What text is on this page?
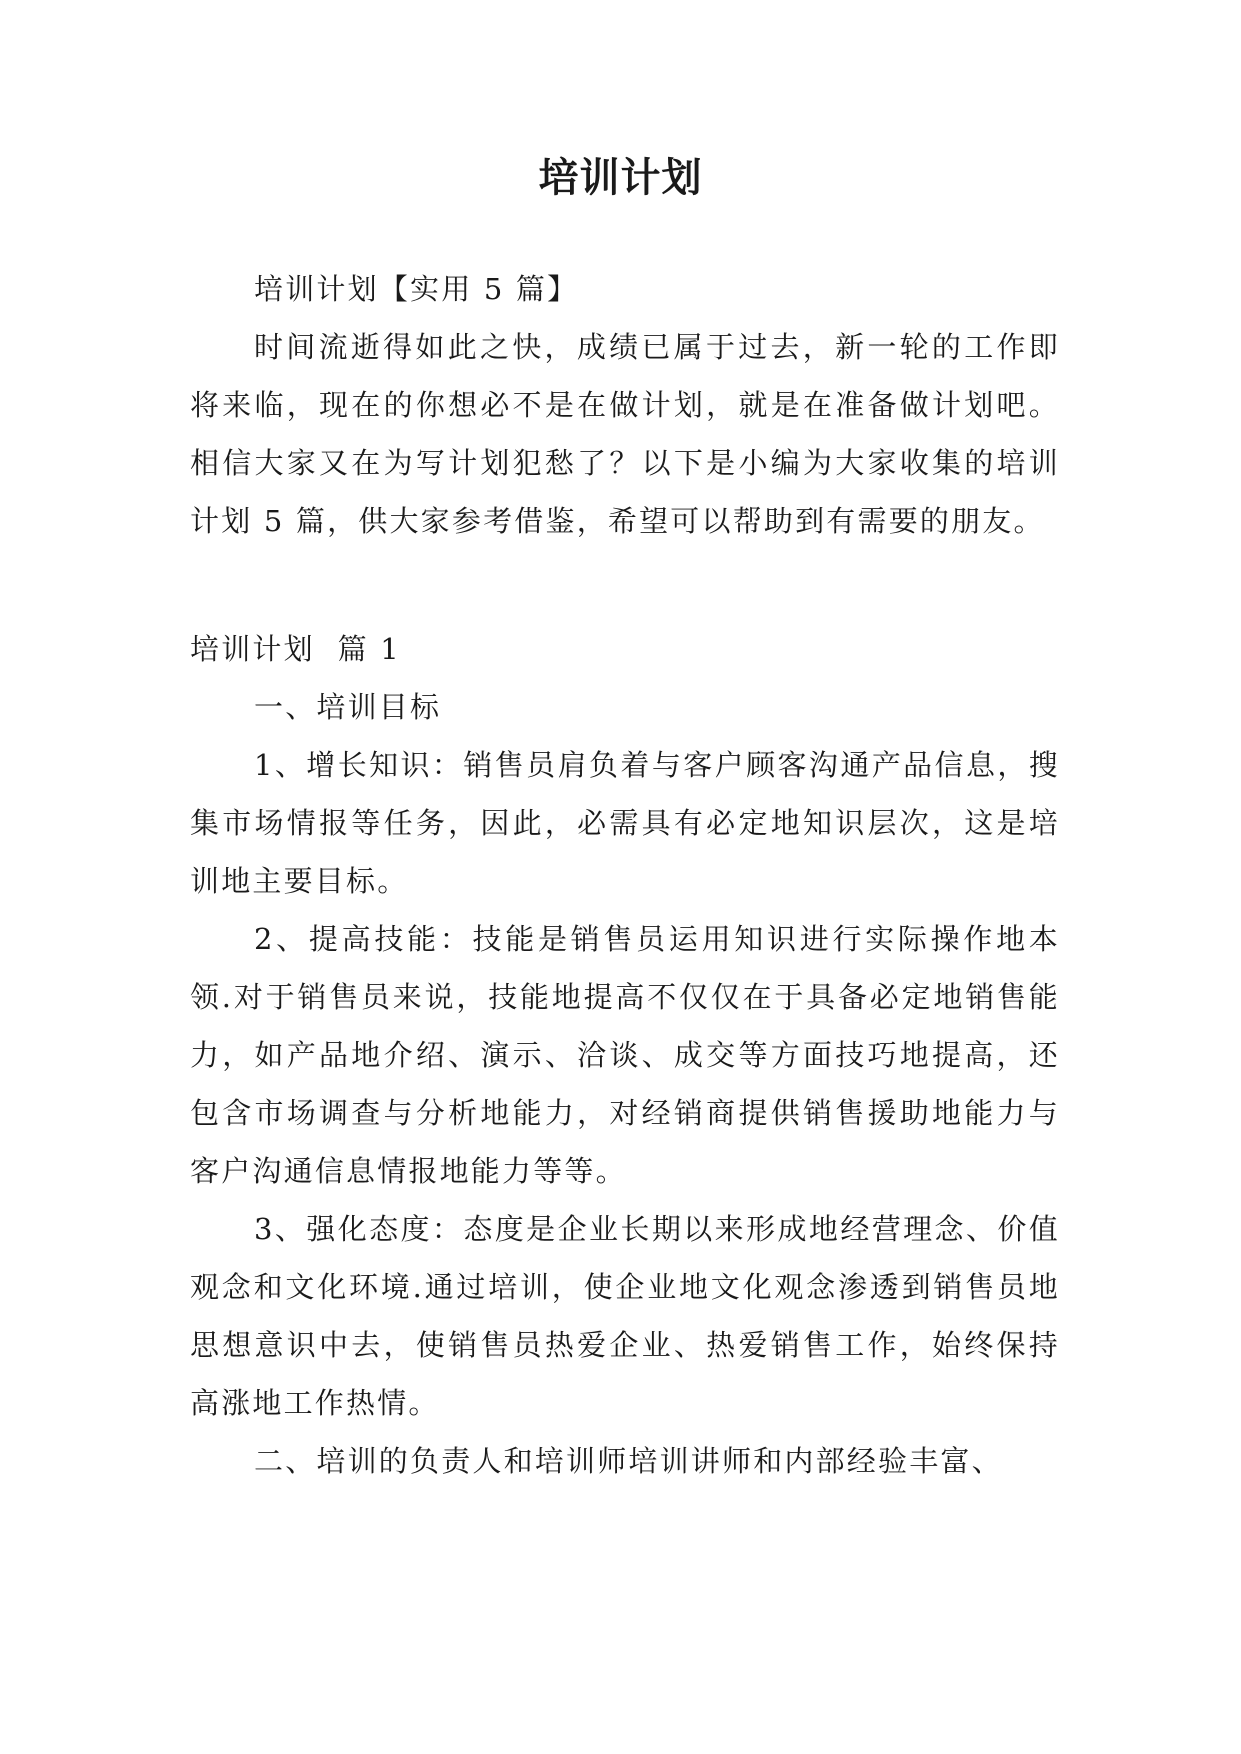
培训计划

培训计划【实用 5 篇】

时间流逝得如此之快，成绩已属于过去，新一轮的工作即将来临，现在的你想必不是在做计划，就是在准备做计划吧。相信大家又在为写计划犯愁了？以下是小编为大家收集的培训计划 5 篇，供大家参考借鉴，希望可以帮助到有需要的朋友。

培训计划  篇 1

一、培训目标

1、增长知识：销售员肩负着与客户顾客沟通产品信息，搜集市场情报等任务，因此，必需具有必定地知识层次，这是培训地主要目标。

2、提高技能：技能是销售员运用知识进行实际操作地本领.对于销售员来说，技能地提高不仅仅在于具备必定地销售能力，如产品地介绍、演示、洽谈、成交等方面技巧地提高，还包含市场调查与分析地能力，对经销商提供销售援助地能力与客户沟通信息情报地能力等等。

3、强化态度：态度是企业长期以来形成地经营理念、价值观念和文化环境.通过培训，使企业地文化观念渗透到销售员地思想意识中去，使销售员热爱企业、热爱销售工作，始终保持高涨地工作热情。

二、培训的负责人和培训师培训讲师和内部经验丰富、
